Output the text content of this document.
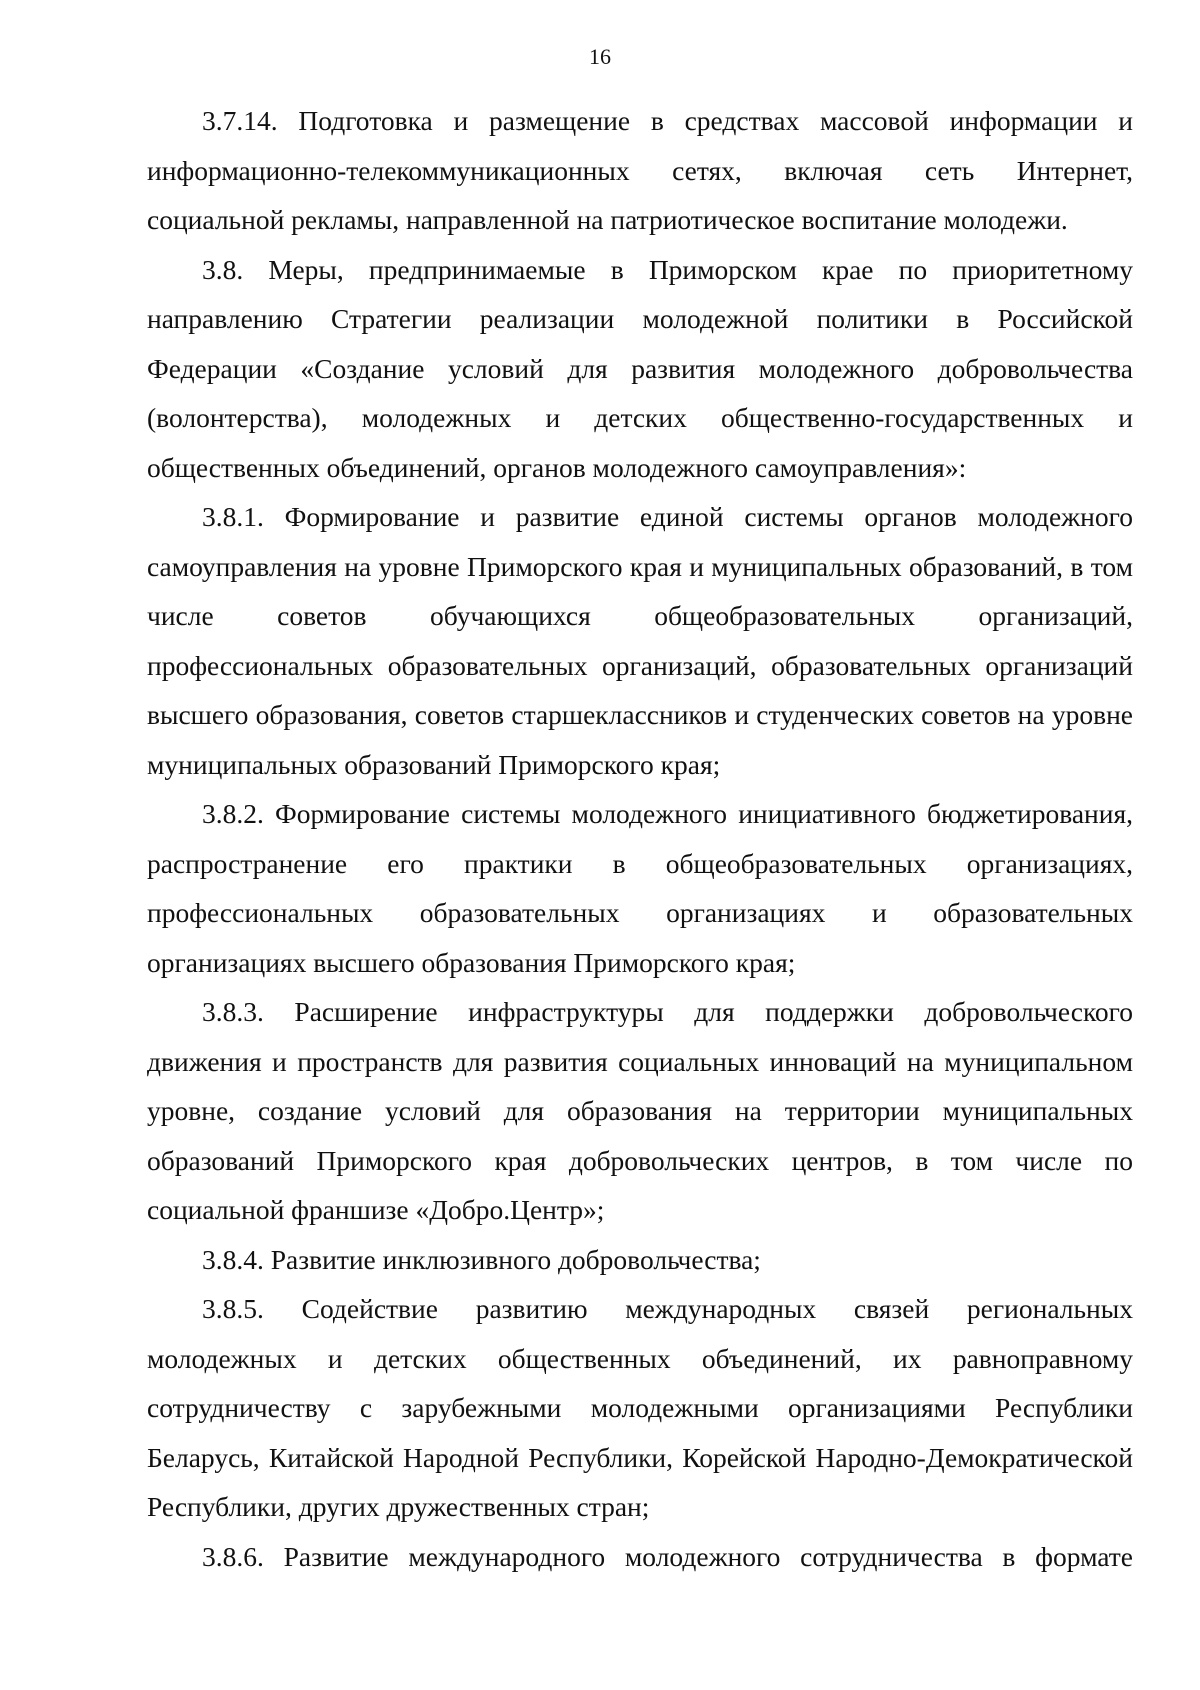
16

3.7.14. Подготовка и размещение в средствах массовой информации и информационно-телекоммуникационных сетях, включая сеть Интернет, социальной рекламы, направленной на патриотическое воспитание молодежи.

3.8. Меры, предпринимаемые в Приморском крае по приоритетному направлению Стратегии реализации молодежной политики в Российской Федерации «Создание условий для развития молодежного добровольчества (волонтерства), молодежных и детских общественно-государственных и общественных объединений, органов молодежного самоуправления»:

3.8.1. Формирование и развитие единой системы органов молодежного самоуправления на уровне Приморского края и муниципальных образований, в том числе советов обучающихся общеобразовательных организаций, профессиональных образовательных организаций, образовательных организаций высшего образования, советов старшеклассников и студенческих советов на уровне муниципальных образований Приморского края;

3.8.2. Формирование системы молодежного инициативного бюджетирования, распространение его практики в общеобразовательных организациях, профессиональных образовательных организациях и образовательных организациях высшего образования Приморского края;

3.8.3. Расширение инфраструктуры для поддержки добровольческого движения и пространств для развития социальных инноваций на муниципальном уровне, создание условий для образования на территории муниципальных образований Приморского края добровольческих центров, в том числе по социальной франшизе «Добро.Центр»;

3.8.4. Развитие инклюзивного добровольчества;

3.8.5. Содействие развитию международных связей региональных молодежных и детских общественных объединений, их равноправному сотрудничеству с зарубежными молодежными организациями Республики Беларусь, Китайской Народной Республики, Корейской Народно-Демократической Республики, других дружественных стран;

3.8.6. Развитие международного молодежного сотрудничества в формате
